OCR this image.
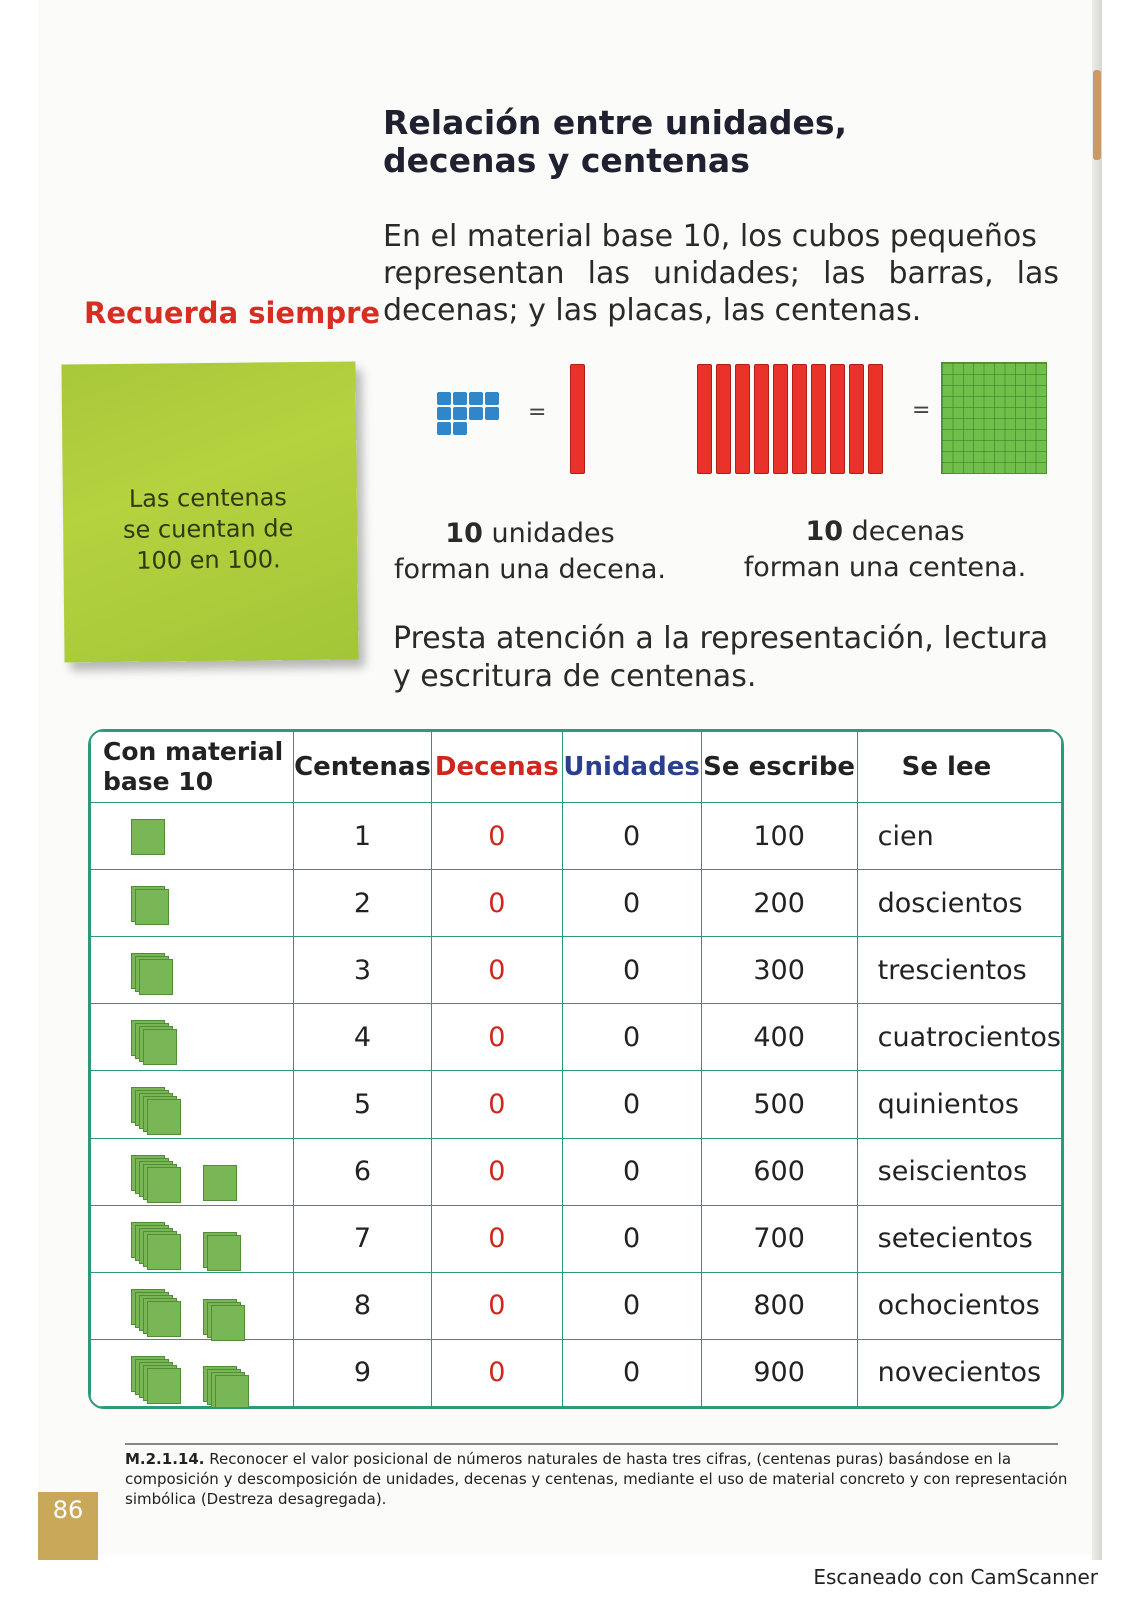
Relación entre unidades,
decenas y centenas
En el material base 10, los cubos pequeños
representan las unidades; las barras, las
decenas; y las placas, las centenas.
Recuerda siempre
Las centenas
se cuentan de
100 en 100.
=	=
10 unidades
forman una decena.
10 decenas
forman una centena.
Presta atención a la representación, lectura
y escritura de centenas.
Con material
base 10	Centenas	Decenas	Unidades	Se escribe	Se lee

	1	0	0	100	cien

	2	0	0	200	doscientos

	3	0	0	300	trescientos

	4	0	0	400	cuatrocientos

	5	0	0	500	quinientos

	6	0	0	600	seiscientos

	7	0	0	700	setecientos

	8	0	0	800	ochocientos

	9	0	0	900	novecientos
M.2.1.14. Reconocer el valor posicional de números naturales de hasta tres cifras, (centenas puras) basándose en la composición y descomposición de unidades, decenas y centenas, mediante el uso de material concreto y con representación simbólica (Destreza desagregada).
86
Escaneado con CamScanner
